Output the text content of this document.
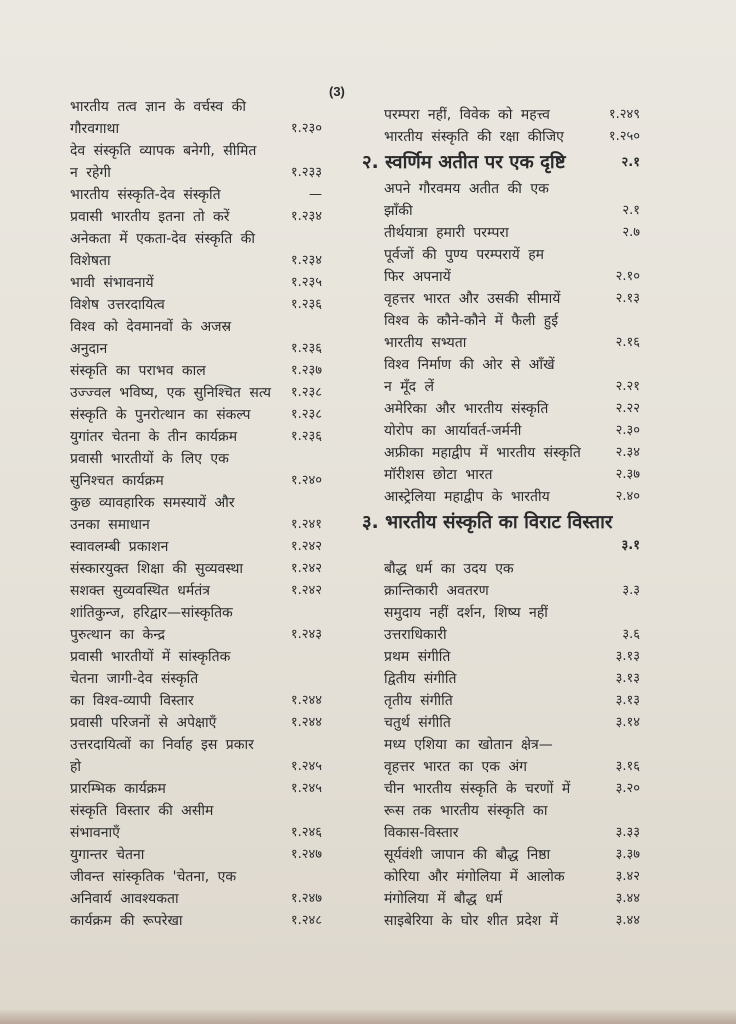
(3)
भारतीय तत्व ज्ञान के वर्चस्व की
गौरवगाथा	१.२३०
देव संस्कृति व्यापक बनेगी, सीमित
न रहेगी	१.२३३
भारतीय संस्कृति-देव संस्कृति	—
प्रवासी भारतीय इतना तो करें	१.२३४
अनेकता में एकता-देव संस्कृति की
विशेषता	१.२३४
भावी संभावनायें	१.२३५
विशेष उत्तरदायित्व	१.२३६
विश्व को देवमानवों के अजस्र
अनुदान	१.२३६
संस्कृति का पराभव काल	१.२३७
उज्ज्वल भविष्य, एक सुनिश्चित सत्य	१.२३८
संस्कृति के पुनरोत्थान का संकल्प	१.२३८
युगांतर चेतना के तीन कार्यक्रम	१.२३६
प्रवासी भारतीयों के लिए एक
सुनिश्चत कार्यक्रम	१.२४०
कुछ व्यावहारिक समस्यायें और
उनका समाधान	१.२४१
स्वावलम्बी प्रकाशन	१.२४२
संस्कारयुक्त शिक्षा की सुव्यवस्था	१.२४२
सशक्त सुव्यवस्थित धर्मतंत्र	१.२४२
शांतिकुन्ज, हरिद्वार—सांस्कृतिक
पुरुत्थान का केन्द्र	१.२४३
प्रवासी भारतीयों में सांस्कृतिक
चेतना जागी-देव संस्कृति
का विश्व-व्यापी विस्तार	१.२४४
प्रवासी परिजनों से अपेक्षाएँ	१.२४४
उत्तरदायित्वों का निर्वाह इस प्रकार
हो	१.२४५
प्रारम्भिक कार्यक्रम	१.२४५
संस्कृति विस्तार की असीम
संभावनाएँ	१.२४६
युगान्तर चेतना	१.२४७
जीवन्त सांस्कृतिक 'चेतना, एक
अनिवार्य आवश्यकता	१.२४७
कार्यक्रम की रूपरेखा	१.२४८
परम्परा नहीं, विवेक को महत्त्व	१.२४९
भारतीय संस्कृति की रक्षा कीजिए	१.२५०
२. स्वर्णिम अतीत पर एक दृष्टि	२.१
अपने गौरवमय अतीत की एक
झाँकी	२.१
तीर्थयात्रा हमारी परम्परा	२.७
पूर्वजों की पुण्य परम्परायें हम
फिर अपनायें	२.१०
वृहत्तर भारत और उसकी सीमायें	२.१३
विश्व के कौने-कौने में फैली हुई
भारतीय सभ्यता	२.१६
विश्व निर्माण की ओर से आँखें
न मूँद लें	२.२१
अमेरिका और भारतीय संस्कृति	२.२२
योरोप का आर्यावर्त-जर्मनी	२.३०
अफ्रीका महाद्वीप में भारतीय संस्कृति	२.३४
मॉरीशस छोटा भारत	२.३७
आस्ट्रेलिया महाद्वीप के भारतीय	२.४०
३. भारतीय संस्कृति का विराट विस्तार
३.१
बौद्ध धर्म का उदय एक
क्रान्तिकारी अवतरण	३.३
समुदाय नहीं दर्शन, शिष्य नहीं
उत्तराधिकारी	३.६
प्रथम संगीति	३.१३
द्वितीय संगीति	३.१३
तृतीय संगीति	३.१३
चतुर्थ संगीति	३.१४
मध्य एशिया का खोतान क्षेत्र—
वृहत्तर भारत का एक अंग	३.१६
चीन भारतीय संस्कृति के चरणों में	३.२०
रूस तक भारतीय संस्कृति का
विकास-विस्तार	३.३३
सूर्यवंशी जापान की बौद्ध निष्ठा	३.३७
कोरिया और मंगोलिया में आलोक	३.४२
मंगोलिया में बौद्ध धर्म	३.४४
साइबेरिया के घोर शीत प्रदेश में	३.४४
